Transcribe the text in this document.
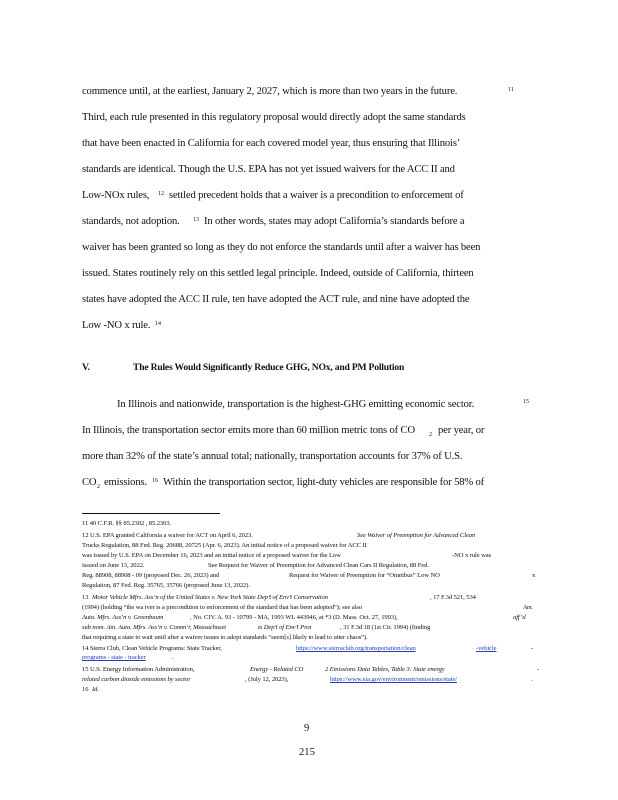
commence until, at the earliest, January 2, 2027, which is more than two years in the future.	11
Third, each rule presented in this regulatory proposal would directly adopt the same standards
that have been enacted in California for each covered model year, thus ensuring that Illinois’
standards are identical. Though the U.S. EPA has not yet issued waivers for the ACC II and
Low-NOx rules, 12 settled precedent holds that a waiver is a precondition to enforcement of
standards, not adoption. 13 In other words, states may adopt California’s standards before a
waiver has been granted so long as they do not enforce the standards until after a waiver has been
issued. States routinely rely on this settled legal principle. Indeed, outside of California, thirteen
states have adopted the ACC II rule, ten have adopted the ACT rule, and nine have adopted the
Low -NO x rule. 14
V.	The Rules Would Significantly Reduce GHG, NOx, and PM Pollution
In Illinois and nationwide, transportation is the highest-GHG emitting economic sector.	15
In Illinois, the transportation sector emits more than 60 million metric tons of CO 2 per year, or
more than 32% of the state’s annual total; nationally, transportation accounts for 37% of U.S.
CO 2 emissions. 16 Within the transportation sector, light-duty vehicles are responsible for 58% of
11 40 C.F.R. §§ 85.2302 , 85.2303.
12 U.S. EPA granted California a waiver for ACT on April 6, 2023.	See Waiver of Preemption for Advanced Clean
Trucks Regulation, 88 Fed. Reg. 20688, 20725 (Apr. 6, 2023). An initial notice of a proposed waiver for ACC II
was issued by U.S. EPA on December 16, 2023 and an initial notice of a proposed waiver for the Low	-NO x rule was
issued on June 13, 2022.	See Request for Waiver of Preemption for Advanced Clean Cars II Regulation, 88 Fed.
Reg. 88908, 88908 - 09 (proposed Dec. 26, 2023) and	Request for Waiver of Preemption for “Omnibus” Low NO	x
Regulation, 87 Fed. Reg. 35765, 35766 (proposed June 13, 2022).
13 Motor Vehicle Mfrs. Ass’n of the United States v. New York State Dep’t of Env’t Conservation	, 17 F.3d 521, 534
(1994) (holding “the wa iver is a precondition to enforcement of the standard that has been adopted”); see also	Am.
Auto. Mfrs. Ass’n v. Greenbaum	, No. CIV. A. 93 - 10799 - MA, 1993 WL 443946, at *3 (D. Mass. Oct. 27, 1993),	aff’d
sub nom. Am. Auto. Mfrs. Ass’n v. Comm’r, Massachuset	ts Dep’t of Env’t Prot	, 31 F.3d 18 (1st Cir. 1994) (finding
that requiring a state to wait until after a waiver issues to adopt standards “seem[s] likely to lead to utter chaos”).
14 Sierra Club, Clean Vehicle Programs: State Tracker,	https://www.sierraclub.org/transportation/clean	-vehicle	-
programs - state - tracker	.
15 U.S. Energy Information Administration,	Energy - Related CO	2 Emissions Data Tables, Table 3: State energy	-
related carbon dioxide emissions by sector	, (July 12, 2023),	https://www.eia.gov/environment/emissions/state/	.
16 Id.
9
215
